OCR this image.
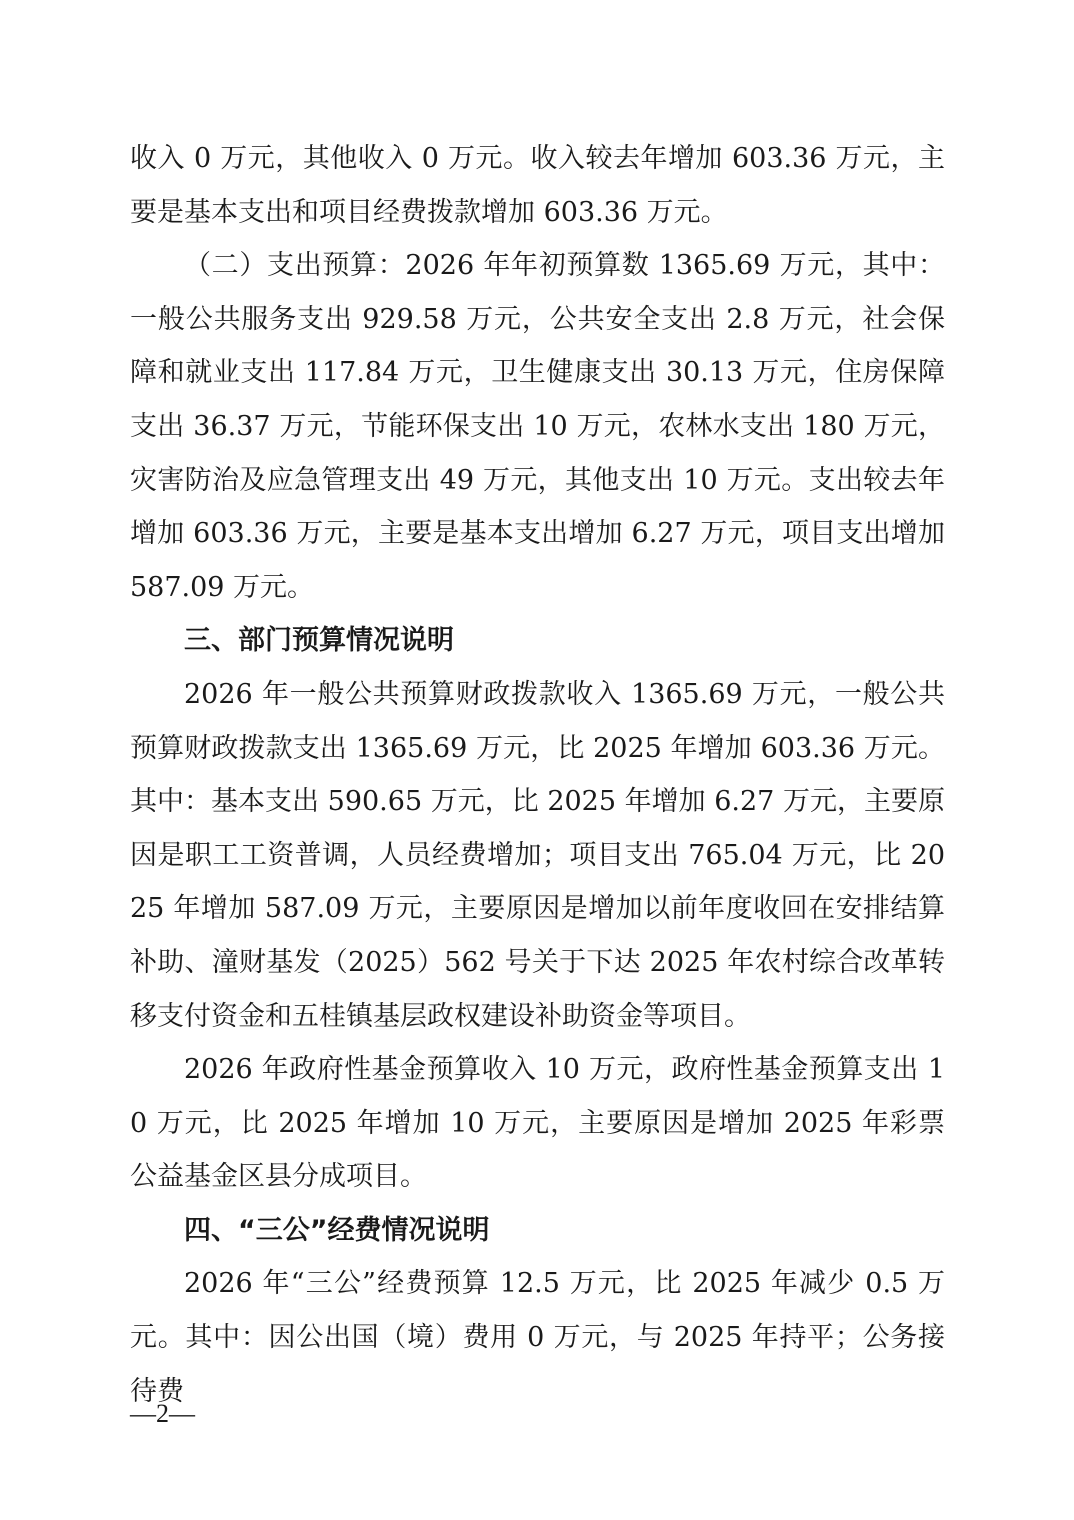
收入 0 万元，其他收入 0 万元。收入较去年增加 603.36 万元，主要是基本支出和项目经费拨款增加 603.36 万元。

（二）支出预算：2026 年年初预算数 1365.69 万元，其中：一般公共服务支出 929.58 万元，公共安全支出 2.8 万元，社会保障和就业支出 117.84 万元，卫生健康支出 30.13 万元，住房保障支出 36.37 万元，节能环保支出 10 万元，农林水支出 180 万元，灾害防治及应急管理支出 49 万元，其他支出 10 万元。支出较去年增加 603.36 万元，主要是基本支出增加 6.27 万元，项目支出增加 587.09 万元。

三、部门预算情况说明

2026 年一般公共预算财政拨款收入 1365.69 万元，一般公共预算财政拨款支出 1365.69 万元，比 2025 年增加 603.36 万元。其中：基本支出 590.65 万元，比 2025 年增加 6.27 万元，主要原因是职工工资普调，人员经费增加；项目支出 765.04 万元，比 2025 年增加 587.09 万元，主要原因是增加以前年度收回在安排结算补助、潼财基发（2025）562 号关于下达 2025 年农村综合改革转移支付资金和五桂镇基层政权建设补助资金等项目。

2026 年政府性基金预算收入 10 万元，政府性基金预算支出 10 万元，比 2025 年增加 10 万元，主要原因是增加 2025 年彩票公益基金区县分成项目。

四、“三公”经费情况说明

2026 年“三公”经费预算 12.5 万元，比 2025 年减少 0.5 万元。其中：因公出国（境）费用 0 万元，与 2025 年持平；公务接待费

—2—
